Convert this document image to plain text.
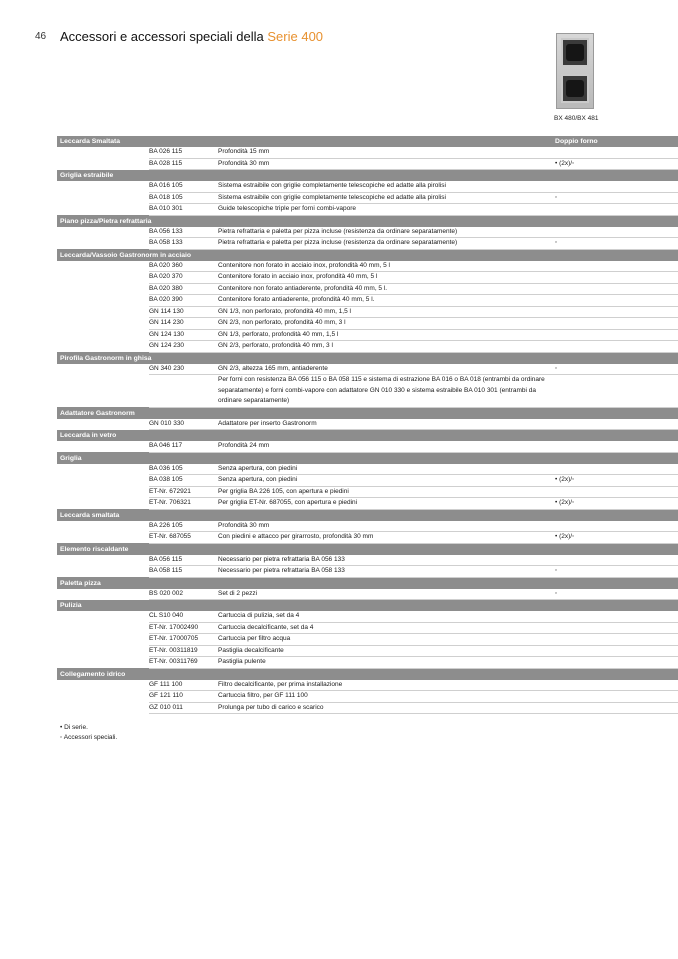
46 Accessori e accessori speciali della Serie 400
BX 480/BX 481
Leccarda Smaltata			Doppio forno
	BA 026 115	Profondità 15 mm	
	BA 028 115	Profondità 30 mm	• (2x)/◦
Griglia estraibile			
	BA 016 105	Sistema estraibile con griglie completamente telescopiche ed adatte alla pirolisi	
	BA 018 105	Sistema estraibile con griglie completamente telescopiche ed adatte alla pirolisi	◦
	BA 010 301	Guide telescopiche triple per forni combi-vapore	
Piano pizza/Pietra refrattaria			
	BA 056 133	Pietra refrattaria e paletta per pizza incluse (resistenza da ordinare separatamente)	
	BA 058 133	Pietra refrattaria e paletta per pizza incluse (resistenza da ordinare separatamente)	◦
Leccarda/Vassoio Gastronorm in acciaio			
	BA 020 360	Contenitore non forato in acciaio inox, profondità 40 mm, 5 l	
	BA 020 370	Contenitore forato in acciaio inox, profondità 40 mm, 5 l	
	BA 020 380	Contenitore non forato antiaderente, profondità 40 mm, 5 l.	
	BA 020 390	Contenitore forato antiaderente, profondità 40 mm, 5 l.	
	GN 114 130	GN 1/3, non perforato, profondità 40 mm, 1,5 l	
	GN 114 230	GN 2/3, non perforato, profondità 40 mm, 3 l	
	GN 124 130	GN 1/3, perforato, profondità 40 mm, 1,5 l	
	GN 124 230	GN 2/3, perforato, profondità 40 mm, 3 l	
Pirofila Gastronorm in ghisa			
	GN 340 230	GN 2/3, altezza 165 mm, antiaderente	◦
		Per forni con resistenza BA 056 115 o BA 058 115 e sistema di estrazione BA 016 o BA 018 (entrambi da ordinare separatamente) e forni combi-vapore con adattatore GN 010 330 e sistema estraibile BA 010 301 (entrambi da ordinare separatamente)	
Adattatore Gastronorm			
	GN 010 330	Adattatore per inserto Gastronorm	
Leccarda in vetro			
	BA 046 117	Profondità 24 mm	
Griglia			
	BA 036 105	Senza apertura, con piedini	
	BA 038 105	Senza apertura, con piedini	• (2x)/◦
	ET-Nr. 672921	Per griglia BA 226 105, con apertura e piedini	
	ET-Nr. 706321	Per griglia ET-Nr. 687055, con apertura e piedini	• (2x)/◦
Leccarda smaltata			
	BA 226 105	Profondità 30 mm	
	ET-Nr. 687055	Con piedini e attacco per girarrosto, profondità 30 mm	• (2x)/◦
Elemento riscaldante			
	BA 056 115	Necessario per pietra refrattaria BA 056 133	
	BA 058 115	Necessario per pietra refrattaria BA 058 133	◦
Paletta pizza			
	BS 020 002	Set di 2 pezzi	◦
Pulizia			
	CL S10 040	Cartuccia di pulizia, set da 4	
	ET-Nr. 17002490	Cartuccia decalcificante, set da 4	
	ET-Nr. 17000705	Cartuccia per filtro acqua	
	ET-Nr. 00311819	Pastiglia decalcificante	
	ET-Nr. 00311769	Pastiglia pulente	
Collegamento idrico			
	GF 111 100	Filtro decalcificante, per prima installazione	
	GF 121 110	Cartuccia filtro, per GF 111 100	
	GZ 010 011	Prolunga per tubo di carico e scarico	
• Di serie.
◦ Accessori speciali.
